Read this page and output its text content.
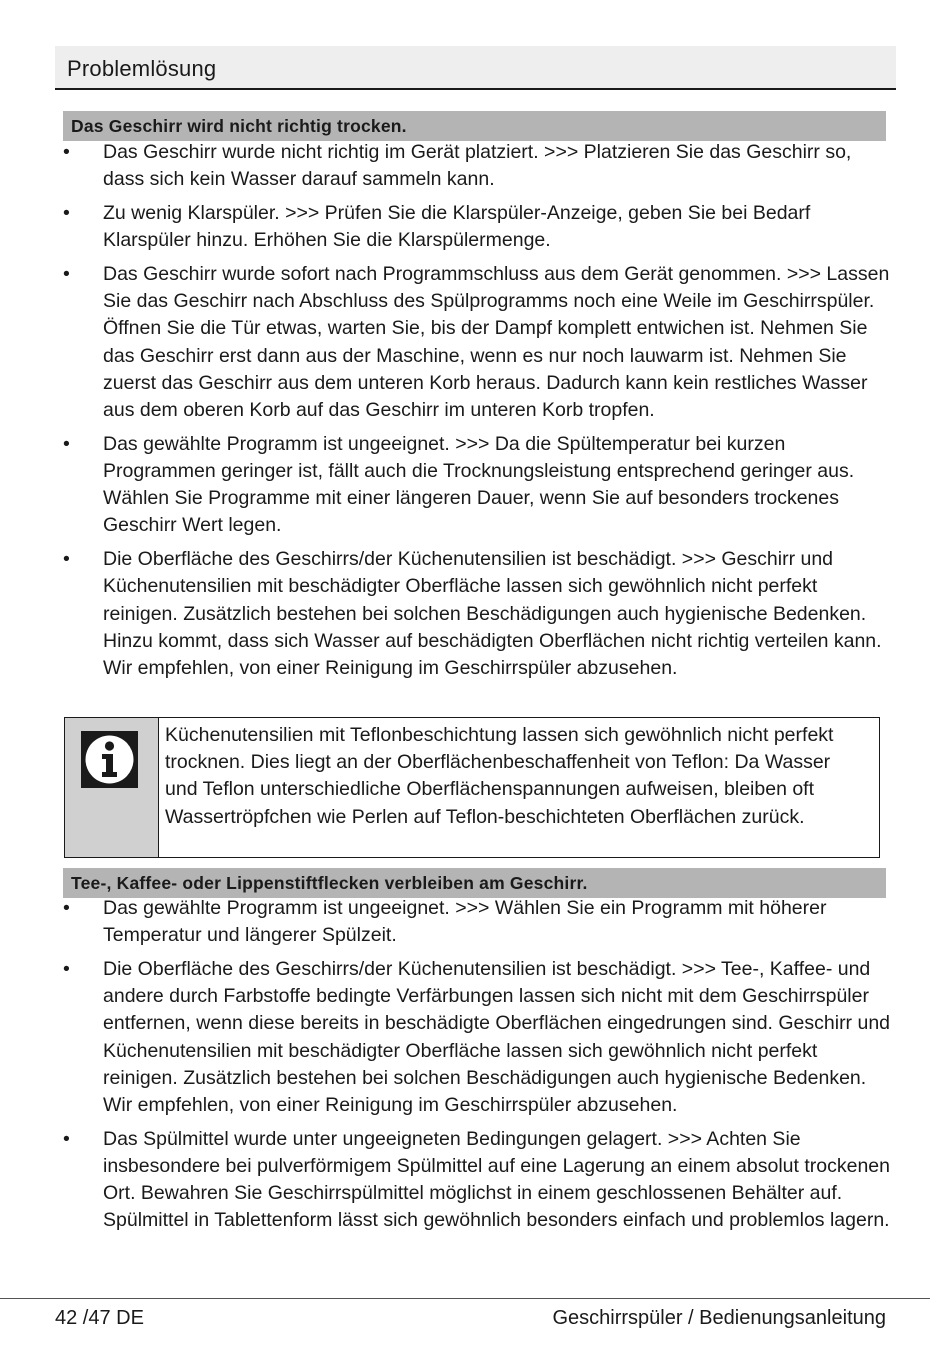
Problemlösung
Das Geschirr wird nicht richtig trocken.
• Das Geschirr wurde nicht richtig im Gerät platziert. >>> Platzieren Sie das Geschirr so, dass sich kein Wasser darauf sammeln kann.
• Zu wenig Klarspüler. >>> Prüfen Sie die Klarspüler-Anzeige, geben Sie bei Bedarf Klarspüler hinzu. Erhöhen Sie die Klarspülermenge.
• Das Geschirr wurde sofort nach Programmschluss aus dem Gerät genommen. >>> Lassen Sie das Geschirr nach Abschluss des Spülprogramms noch eine Weile im Geschirrspüler. Öffnen Sie die Tür etwas, warten Sie, bis der Dampf komplett entwichen ist. Nehmen Sie das Geschirr erst dann aus der Maschine, wenn es nur noch lauwarm ist. Nehmen Sie zuerst das Geschirr aus dem unteren Korb heraus. Dadurch kann kein restliches Wasser aus dem oberen Korb auf das Geschirr im unteren Korb tropfen.
• Das gewählte Programm ist ungeeignet. >>> Da die Spültemperatur bei kurzen Programmen geringer ist, fällt auch die Trocknungsleistung entsprechend geringer aus. Wählen Sie Programme mit einer längeren Dauer, wenn Sie auf besonders trockenes Geschirr Wert legen.
• Die Oberfläche des Geschirrs/der Küchenutensilien ist beschädigt. >>> Geschirr und Küchenutensilien mit beschädigter Oberfläche lassen sich gewöhnlich nicht perfekt reinigen. Zusätzlich bestehen bei solchen Beschädigungen auch hygienische Bedenken. Hinzu kommt, dass sich Wasser auf beschädigten Oberflächen nicht richtig verteilen kann. Wir empfehlen, von einer Reinigung im Geschirrspüler abzusehen.
Küchenutensilien mit Teflonbeschichtung lassen sich gewöhnlich nicht perfekt trocknen. Dies liegt an der Oberflächenbeschaffenheit von Teflon: Da Wasser und Teflon unterschiedliche Oberflächenspannungen aufweisen, bleiben oft Wassertröpfchen wie Perlen auf Teflon-beschichteten Oberflächen zurück.
Tee-, Kaffee- oder Lippenstiftflecken verbleiben am Geschirr.
• Das gewählte Programm ist ungeeignet. >>> Wählen Sie ein Programm mit höherer Temperatur und längerer Spülzeit.
• Die Oberfläche des Geschirrs/der Küchenutensilien ist beschädigt. >>> Tee-, Kaffee- und andere durch Farbstoffe bedingte Verfärbungen lassen sich nicht mit dem Geschirrspüler entfernen, wenn diese bereits in beschädigte Oberflächen eingedrungen sind. Geschirr und Küchenutensilien mit beschädigter Oberfläche lassen sich gewöhnlich nicht perfekt reinigen. Zusätzlich bestehen bei solchen Beschädigungen auch hygienische Bedenken. Wir empfehlen, von einer Reinigung im Geschirrspüler abzusehen.
• Das Spülmittel wurde unter ungeeigneten Bedingungen gelagert. >>> Achten Sie insbesondere bei pulverförmigem Spülmittel auf eine Lagerung an einem absolut trockenen Ort. Bewahren Sie Geschirrspülmittel möglichst in einem geschlossenen Behälter auf. Spülmittel in Tablettenform lässt sich gewöhnlich besonders einfach und problemlos lagern.
42 /47 DE	Geschirrspüler / Bedienungsanleitung
